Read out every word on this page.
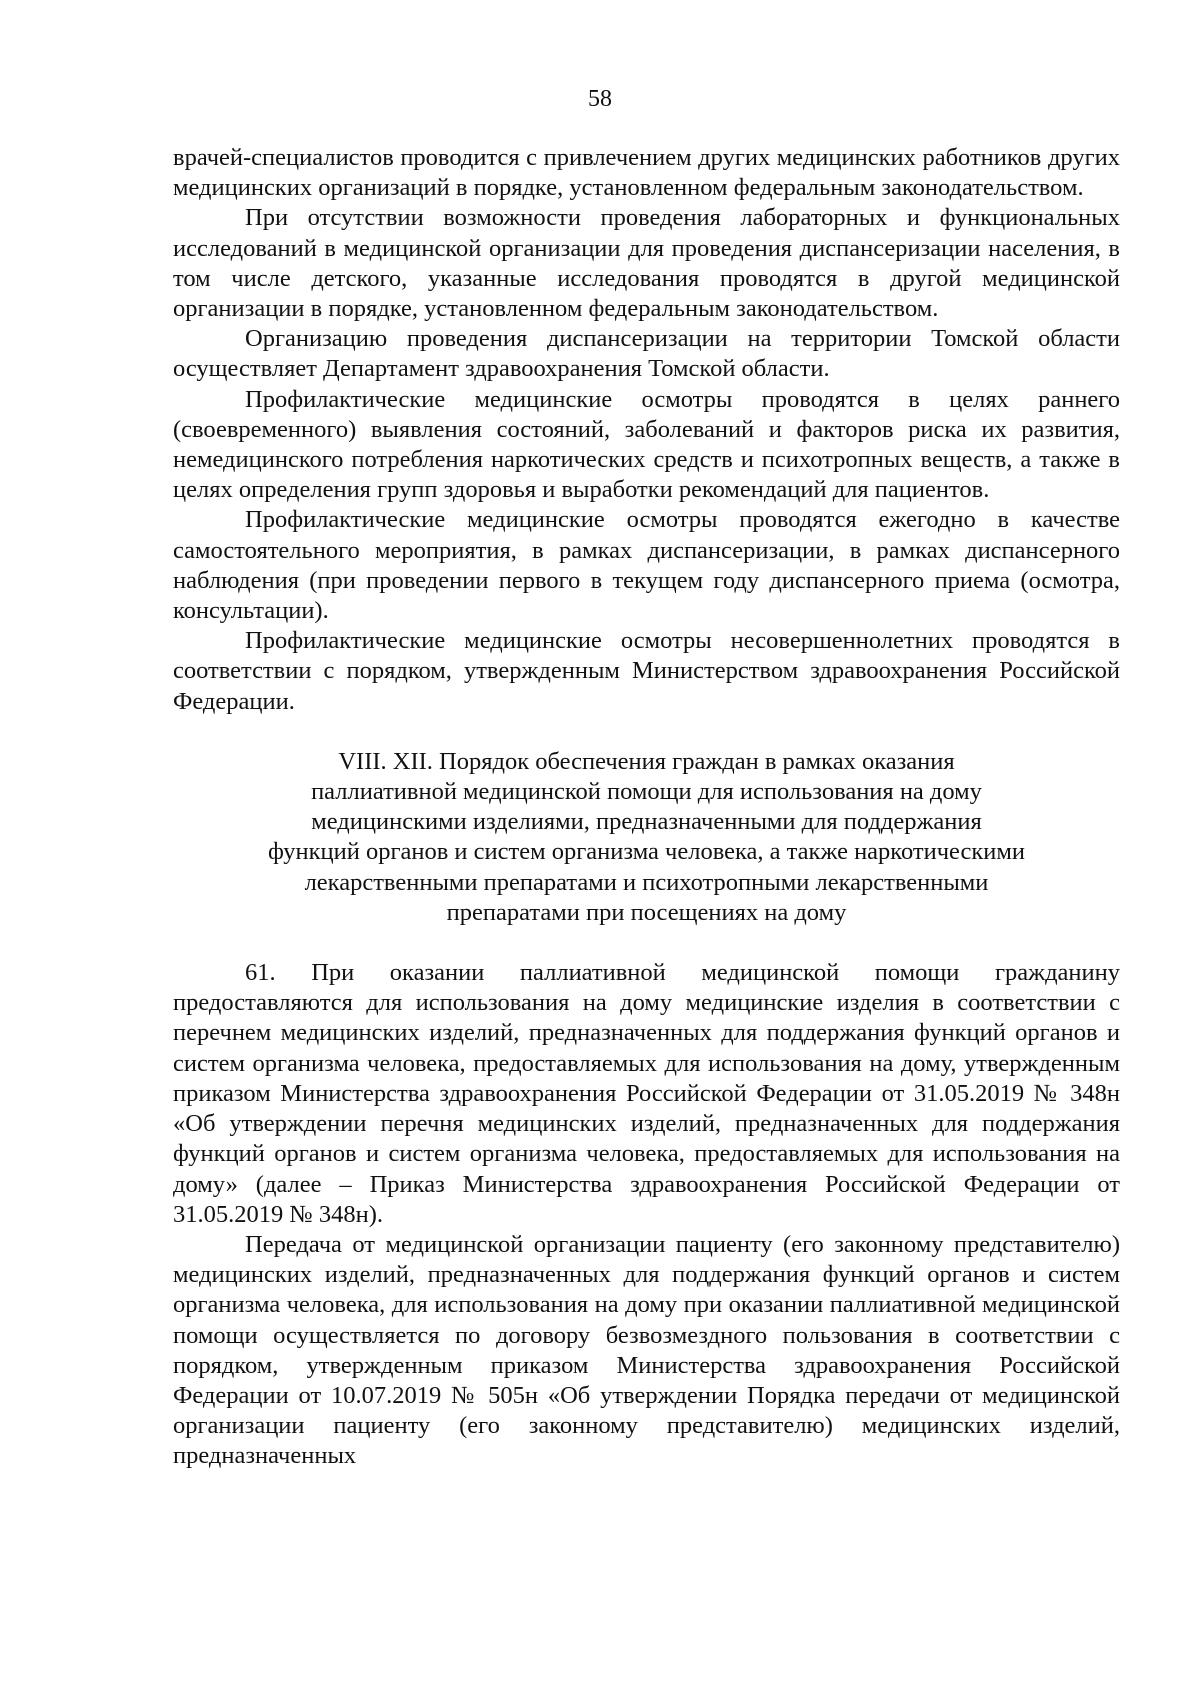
58

врачей-специалистов проводится с привлечением других медицинских работников других медицинских организаций в порядке, установленном федеральным законодательством.

При отсутствии возможности проведения лабораторных и функциональных исследований в медицинской организации для проведения диспансеризации населения, в том числе детского, указанные исследования проводятся в другой медицинской организации в порядке, установленном федеральным законодательством.

Организацию проведения диспансеризации на территории Томской области осуществляет Департамент здравоохранения Томской области.

Профилактические медицинские осмотры проводятся в целях раннего (своевременного) выявления состояний, заболеваний и факторов риска их развития, немедицинского потребления наркотических средств и психотропных веществ, а также в целях определения групп здоровья и выработки рекомендаций для пациентов.

Профилактические медицинские осмотры проводятся ежегодно в качестве самостоятельного мероприятия, в рамках диспансеризации, в рамках диспансерного наблюдения (при проведении первого в текущем году диспансерного приема (осмотра, консультации).

Профилактические медицинские осмотры несовершеннолетних проводятся в соответствии с порядком, утвержденным Министерством здравоохранения Российской Федерации.

VIII. XII. Порядок обеспечения граждан в рамках оказания
паллиативной медицинской помощи для использования на дому
медицинскими изделиями, предназначенными для поддержания
функций органов и систем организма человека, а также наркотическими
лекарственными препаратами и психотропными лекарственными
препаратами при посещениях на дому

61. При оказании паллиативной медицинской помощи гражданину предоставляются для использования на дому медицинские изделия в соответствии с перечнем медицинских изделий, предназначенных для поддержания функций органов и систем организма человека, предоставляемых для использования на дому, утвержденным приказом Министерства здравоохранения Российской Федерации от 31.05.2019 № 348н «Об утверждении перечня медицинских изделий, предназначенных для поддержания функций органов и систем организма человека, предоставляемых для использования на дому» (далее – Приказ Министерства здравоохранения Российской Федерации от 31.05.2019 № 348н).

Передача от медицинской организации пациенту (его законному представителю) медицинских изделий, предназначенных для поддержания функций органов и систем организма человека, для использования на дому при оказании паллиативной медицинской помощи осуществляется по договору безвозмездного пользования в соответствии с порядком, утвержденным приказом Министерства здравоохранения Российской Федерации от 10.07.2019 № 505н «Об утверждении Порядка передачи от медицинской организации пациенту (его законному представителю) медицинских изделий, предназначенных
